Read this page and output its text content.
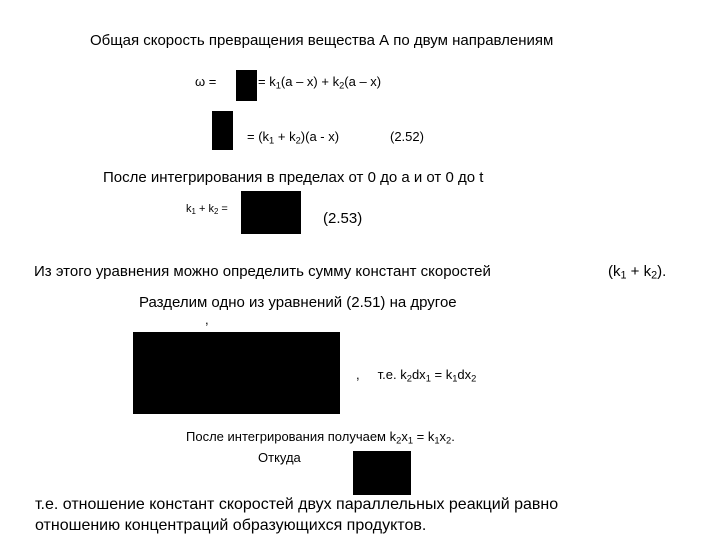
Общая скорость превращения вещества А по двум направлениям
ω =	= $k_1(a - x) + k_2(a - x)$
= $(k_1 + k_2)(a - x)$	(2.52)
После интегрирования в пределах от 0 до а и от 0 до t
$k_1 + k_2$ =
(2.53)
Из этого уравнения можно определить сумму констант скоростей	$(k_1 + k_2)$.
Разделим одно из уравнений (2.51) на другое
,
,     т.е. $k_2dx_1 = k_1dx_2$
После интегрирования получаем $k_2x_1 = k_1x_2$.
Откуда
т.е. отношение констант скоростей двух параллельных реакций равно
отношению концентраций образующихся продуктов.
